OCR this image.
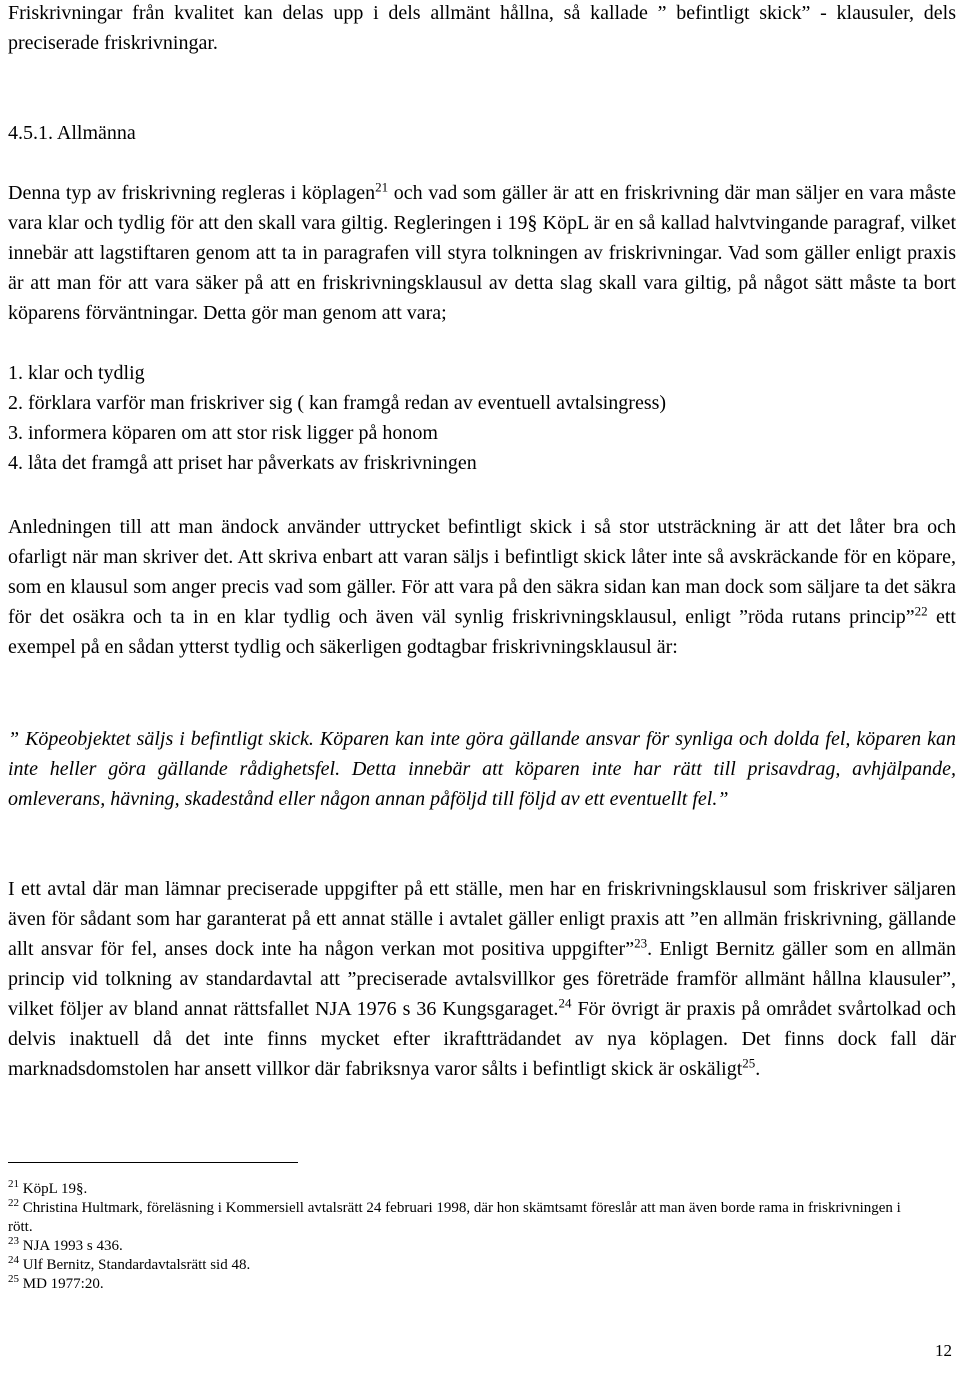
Friskrivningar från kvalitet kan delas upp i dels allmänt hållna, så kallade ” befintligt skick” - klausuler, dels preciserade friskrivningar.

4.5.1. Allmänna

Denna typ av friskrivning regleras i köplagen$^{21}$ och vad som gäller är att en friskrivning där man säljer en vara måste vara klar och tydlig för att den skall vara giltig. Regleringen i 19§ KöpL är en så kallad halvtvingande paragraf, vilket innebär att lagstiftaren genom att ta in paragrafen vill styra tolkningen av friskrivningar. Vad som gäller enligt praxis är att man för att vara säker på att en friskrivningsklausul av detta slag skall vara giltig, på något sätt måste ta bort köparens förväntningar. Detta gör man genom att vara;

1. klar och tydlig
2. förklara varför man friskriver sig ( kan framgå redan av eventuell avtalsingress)
3. informera köparen om att stor risk ligger på honom
4. låta det framgå att priset har påverkats av friskrivningen

Anledningen till att man ändock använder uttrycket befintligt skick i så stor utsträckning är att det låter bra och ofarligt när man skriver det. Att skriva enbart att varan säljs i befintligt skick låter inte så avskräckande för en köpare, som en klausul som anger precis vad som gäller. För att vara på den säkra sidan kan man dock som säljare ta det säkra för det osäkra och ta in en klar tydlig och även väl synlig friskrivningsklausul, enligt ”röda rutans princip”$^{22}$ ett exempel på en sådan ytterst tydlig och säkerligen godtagbar friskrivningsklausul är:

” Köpeobjektet säljs i befintligt skick. Köparen kan inte göra gällande ansvar för synliga och dolda fel, köparen kan inte heller göra gällande rådighetsfel. Detta innebär att köparen inte har rätt till prisavdrag, avhjälpande, omleverans, hävning, skadestånd eller någon annan påföljd till följd av ett eventuellt fel.”

I ett avtal där man lämnar preciserade uppgifter på ett ställe, men har en friskrivningsklausul som friskriver säljaren även för sådant som har garanterat på ett annat ställe i avtalet gäller enligt praxis att ”en allmän friskrivning, gällande allt ansvar för fel, anses dock inte ha någon verkan mot positiva uppgifter”$^{23}$. Enligt Bernitz gäller som en allmän princip vid tolkning av standardavtal att ”preciserade avtalsvillkor ges företräde framför allmänt hållna klausuler”, vilket följer av bland annat rättsfallet NJA 1976 s 36 Kungsgaraget.$^{24}$ För övrigt är praxis på området svårtolkad och delvis inaktuell då det inte finns mycket efter ikraftträdandet av nya köplagen. Det finns dock fall där marknadsdomstolen har ansett villkor där fabriksnya varor sålts i befintligt skick är oskäligt$^{25}$.

$^{21}$ KöpL 19§.

$^{22}$ Christina Hultmark, föreläsning i Kommersiell avtalsrätt 24 februari 1998, där hon skämtsamt föreslår att man även borde rama in friskrivningen i rött.

$^{23}$ NJA 1993 s 436.

$^{24}$ Ulf Bernitz, Standardavtalsrätt sid 48.

$^{25}$ MD 1977:20.

12
